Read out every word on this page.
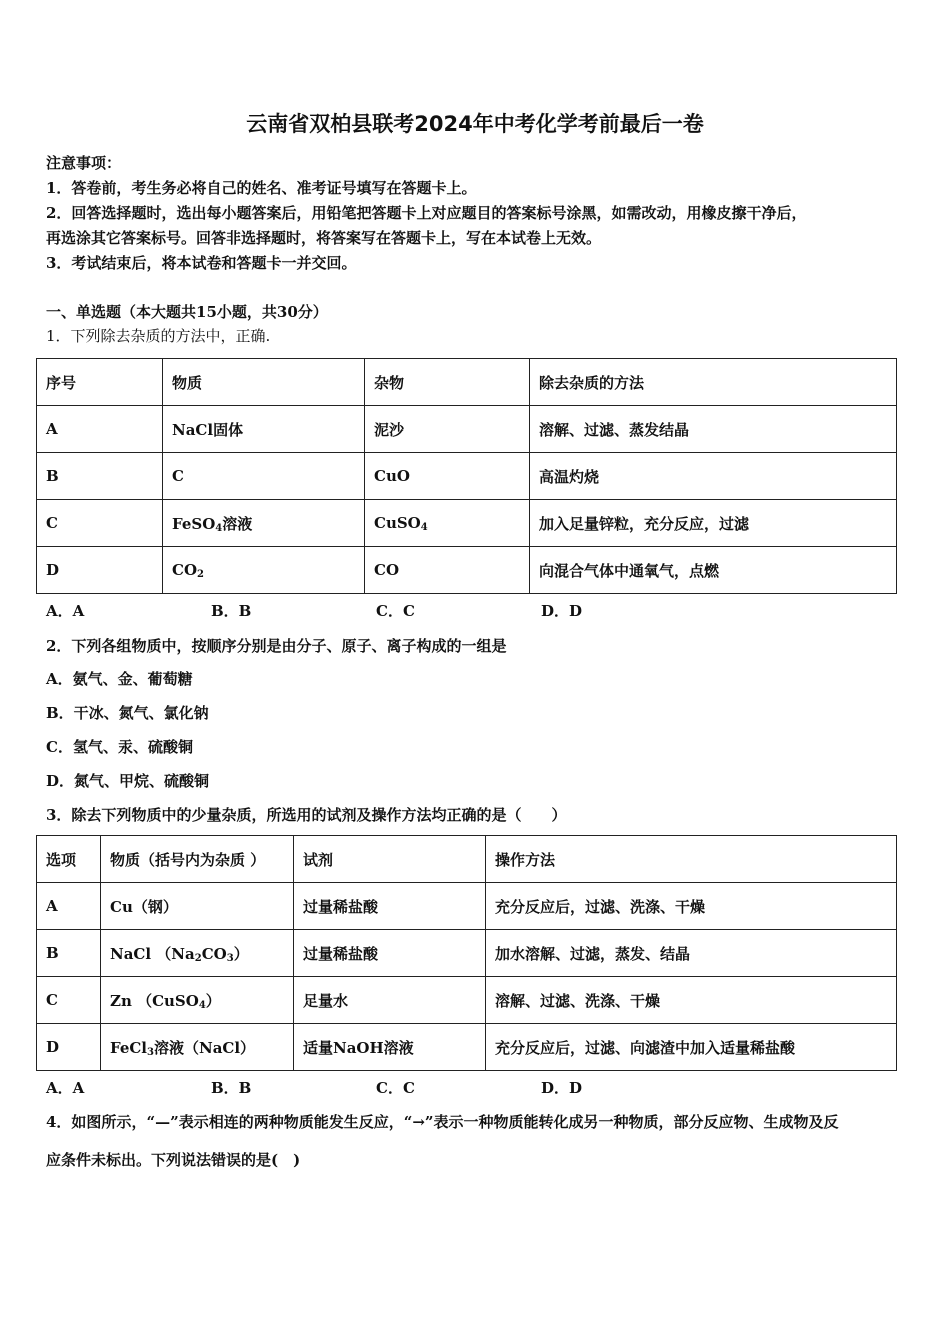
云南省双柏县联考2024年中考化学考前最后一卷
注意事项：
1．答卷前，考生务必将自己的姓名、准考证号填写在答题卡上。
2．回答选择题时，选出每小题答案后，用铅笔把答题卡上对应题目的答案标号涂黑，如需改动，用橡皮擦干净后，
再选涂其它答案标号。回答非选择题时，将答案写在答题卡上，写在本试卷上无效。
3．考试结束后，将本试卷和答题卡一并交回。
一、单选题（本大题共15小题，共30分）
1．下列除去杂质的方法中，正确.
序号	物质	杂物	除去杂质的方法
A	NaCl固体	泥沙	溶解、过滤、蒸发结晶
B	C	CuO	高温灼烧
C	FeSO$_4$溶液	CuSO$_4$	加入足量锌粒，充分反应，过滤
D	$CO_2$	CO	向混合气体中通氧气，点燃
A．A	B．B	C．C	D．D
2．下列各组物质中，按顺序分别是由分子、原子、离子构成的一组是
A．氨气、金、葡萄糖
B．干冰、氮气、氯化钠
C．氢气、汞、硫酸铜
D．氮气、甲烷、硫酸铜
3．除去下列物质中的少量杂质，所选用的试剂及操作方法均正确的是（　　）
选项	物质（括号内为杂质 ）	试剂	操作方法
A	Cu（钢）	过量稀盐酸	充分反应后，过滤、洗涤、干燥
B	NaCl $(Na_2CO_3)$	过量稀盐酸	加水溶解、过滤，蒸发、结晶
C	Zn （CuSO$_4$）	足量水	溶解、过滤、洗涤、干燥
D	FeCl$_3$溶液（NaCl）	适量NaOH溶液	充分反应后，过滤、向滤渣中加入适量稀盐酸
A．A	B．B	C．C	D．D
4．如图所示，“—”表示相连的两种物质能发生反应，“→”表示一种物质能转化成另一种物质，部分反应物、生成物及反
应条件未标出。下列说法错误的是(　)
